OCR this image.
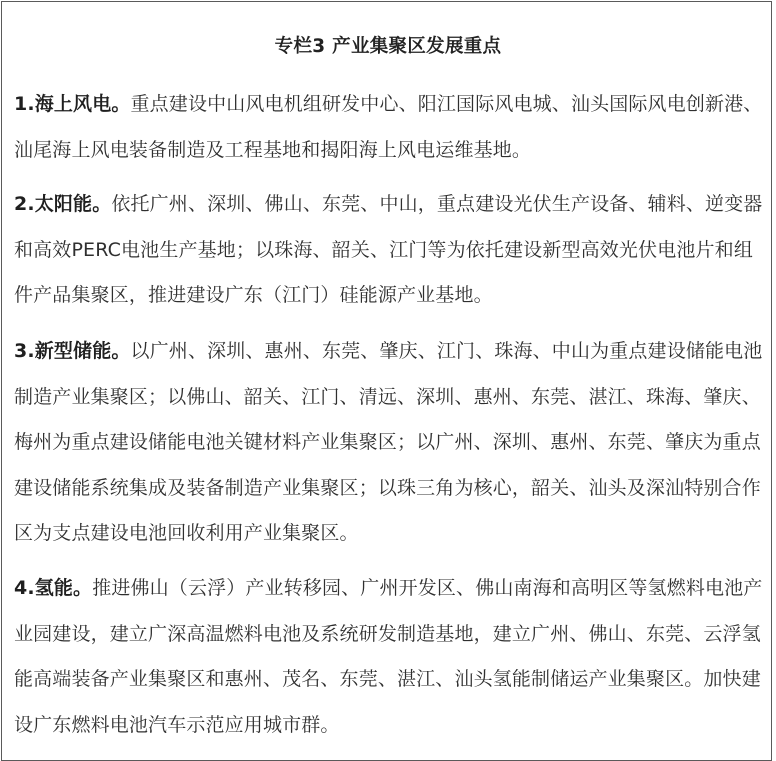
专栏3 产业集聚区发展重点
1.海上风电。重点建设中山风电机组研发中心、阳江国际风电城、汕头国际风电创新港、汕尾海上风电装备制造及工程基地和揭阳海上风电运维基地。
2.太阳能。依托广州、深圳、佛山、东莞、中山，重点建设光伏生产设备、辅料、逆变器和高效PERC电池生产基地；以珠海、韶关、江门等为依托建设新型高效光伏电池片和组件产品集聚区，推进建设广东（江门）硅能源产业基地。
3.新型储能。以广州、深圳、惠州、东莞、肇庆、江门、珠海、中山为重点建设储能电池制造产业集聚区；以佛山、韶关、江门、清远、深圳、惠州、东莞、湛江、珠海、肇庆、梅州为重点建设储能电池关键材料产业集聚区；以广州、深圳、惠州、东莞、肇庆为重点建设储能系统集成及装备制造产业集聚区；以珠三角为核心，韶关、汕头及深汕特别合作区为支点建设电池回收利用产业集聚区。
4.氢能。推进佛山（云浮）产业转移园、广州开发区、佛山南海和高明区等氢燃料电池产业园建设，建立广深高温燃料电池及系统研发制造基地，建立广州、佛山、东莞、云浮氢能高端装备产业集聚区和惠州、茂名、东莞、湛江、汕头氢能制储运产业集聚区。加快建设广东燃料电池汽车示范应用城市群。
